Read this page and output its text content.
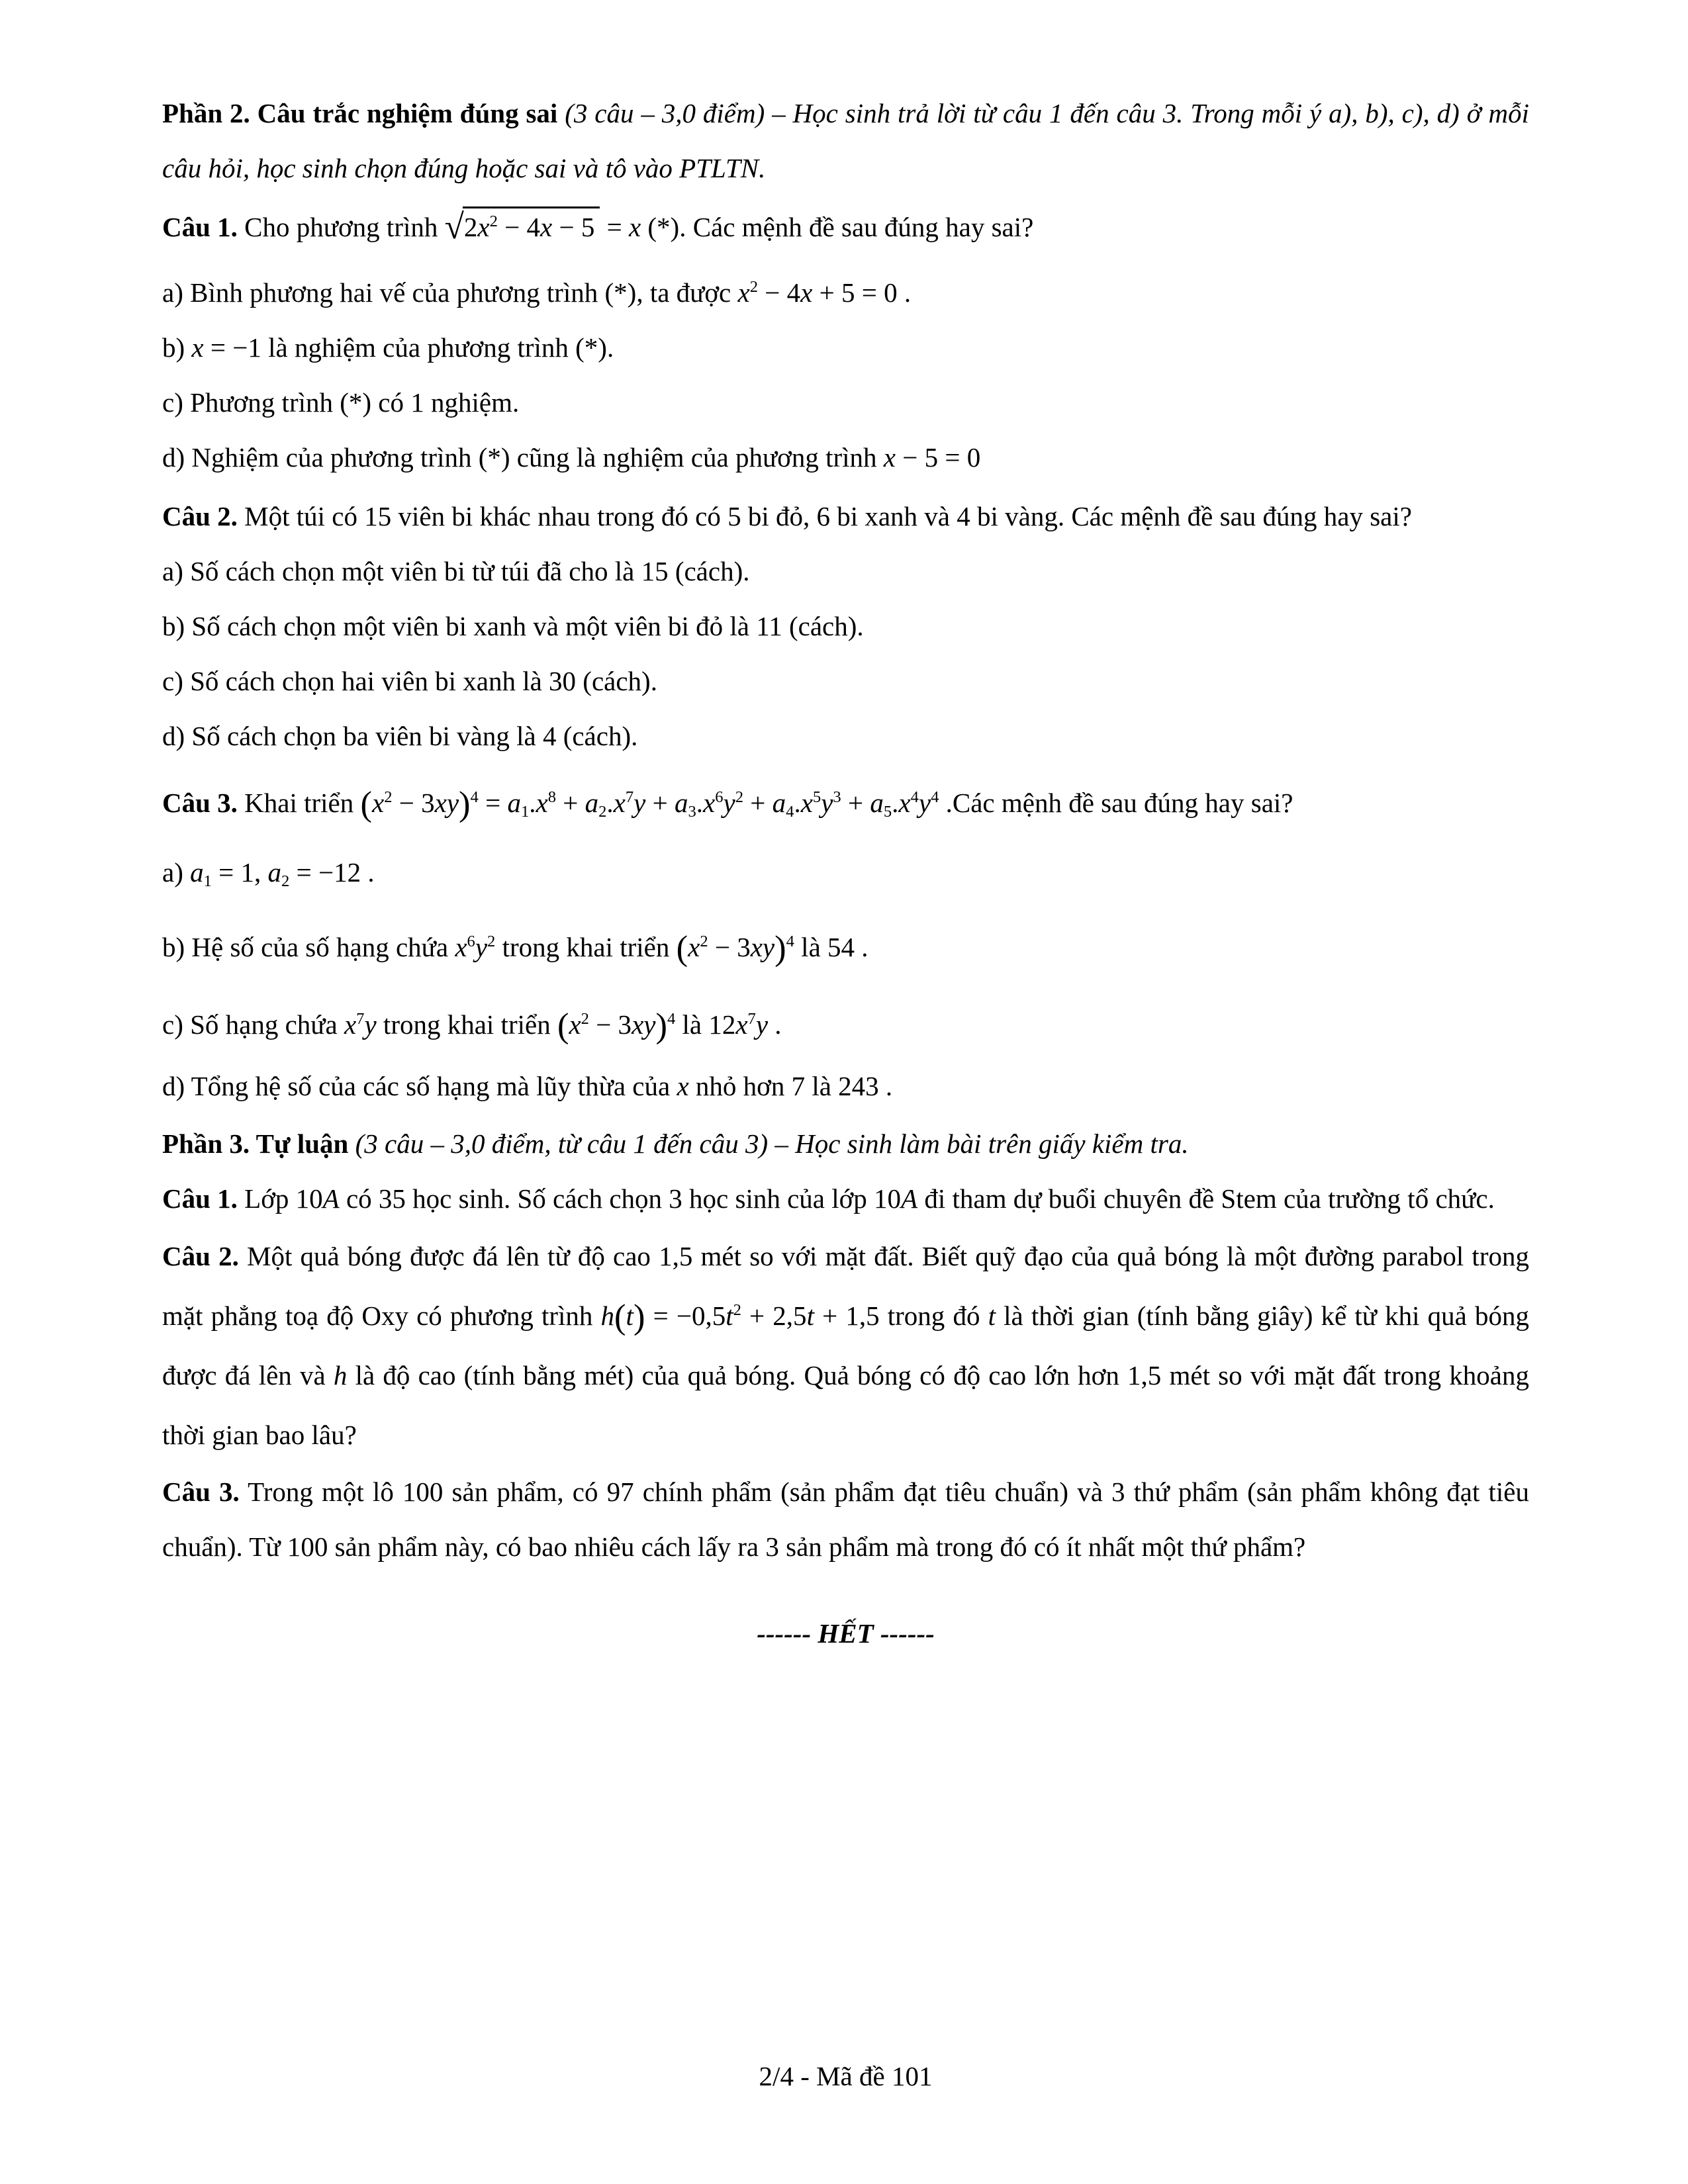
Phần 2. Câu trắc nghiệm đúng sai (3 câu – 3,0 điểm) – Học sinh trả lời từ câu 1 đến câu 3. Trong mỗi ý a), b), c), d) ở mỗi câu hỏi, học sinh chọn đúng hoặc sai và tô vào PTLTN.

Câu 1. Cho phương trình $√2x^2 - 4x - 5 = x$ (*). Các mệnh đề sau đúng hay sai?

a) Bình phương hai vế của phương trình (*), ta được $x^2 - 4x + 5 = 0$ .

b) x = −1 là nghiệm của phương trình (*).

c) Phương trình (*) có 1 nghiệm.

d) Nghiệm của phương trình (*) cũng là nghiệm của phương trình x − 5 = 0

Câu 2. Một túi có 15 viên bi khác nhau trong đó có 5 bi đỏ, 6 bi xanh và 4 bi vàng. Các mệnh đề sau đúng hay sai?

a) Số cách chọn một viên bi từ túi đã cho là 15 (cách).

b) Số cách chọn một viên bi xanh và một viên bi đỏ là 11 (cách).

c) Số cách chọn hai viên bi xanh là 30 (cách).

d) Số cách chọn ba viên bi vàng là 4 (cách).

Câu 3. Khai triển $(x^2 - 3xy)^4 = a_1.x^8 + a_2.x^7y + a_3.x^6y^2 + a_4.x^5y^3 + a_5.x^4y^4$ .Các mệnh đề sau đúng hay sai?

a) $a_1 = 1$, $a_2 = -12$ .

b) Hệ số của số hạng chứa $x^6y^2$ trong khai triển $(x^2 - 3xy)^4$ là 54 .

c) Số hạng chứa $x^7y$ trong khai triển $(x^2 - 3xy)^4$ là $12x^7y$ .

d) Tổng hệ số của các số hạng mà lũy thừa của x nhỏ hơn 7 là 243 .

Phần 3. Tự luận (3 câu – 3,0 điểm, từ câu 1 đến câu 3) – Học sinh làm bài trên giấy kiểm tra.

Câu 1. Lớp 10A có 35 học sinh. Số cách chọn 3 học sinh của lớp 10A đi tham dự buổi chuyên đề Stem của trường tổ chức.

Câu 2. Một quả bóng được đá lên từ độ cao 1,5 mét so với mặt đất. Biết quỹ đạo của quả bóng là một đường parabol trong mặt phẳng toạ độ Oxy có phương trình $h(t) = -0,5t^2 + 2,5t + 1,5$ trong đó t là thời gian (tính bằng giây) kể từ khi quả bóng được đá lên và h là độ cao (tính bằng mét) của quả bóng. Quả bóng có độ cao lớn hơn 1,5 mét so với mặt đất trong khoảng thời gian bao lâu?

Câu 3. Trong một lô 100 sản phẩm, có 97 chính phẩm (sản phẩm đạt tiêu chuẩn) và 3 thứ phẩm (sản phẩm không đạt tiêu chuẩn). Từ 100 sản phẩm này, có bao nhiêu cách lấy ra 3 sản phẩm mà trong đó có ít nhất một thứ phẩm?

------ HẾT ------

2/4 - Mã đề 101
